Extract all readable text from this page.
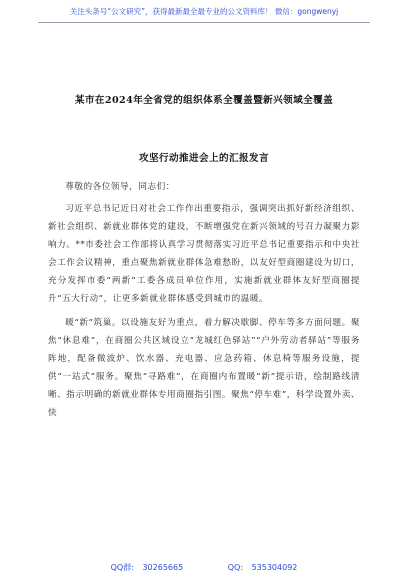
关注头条号“公文研究”，获得最新最全最专业的公文资料库！ 微信：gongwenyj
某市在2024年全省党的组织体系全覆盖暨新兴领域全覆盖
攻坚行动推进会上的汇报发言

尊敬的各位领导，同志们：

习近平总书记近日对社会工作作出重要指示，强调突出抓好新经济组织、新社会组织、新就业群体党的建设，不断增强党在新兴领域的号召力凝聚力影响力。**市委社会工作部将认真学习贯彻落实习近平总书记重要指示和中央社会工作会议精神，重点聚焦新就业群体急难愁盼，以友好型商圈建设为切口，充分发挥市委“两新”工委各成员单位作用，实施新就业群体友好型商圈提升“五大行动”，让更多新就业群体感受到城市的温暖。

暖“新”筑巢。以设施友好为重点，着力解决歇脚、停车等多方面问题。聚焦“休息难”，在商圈公共区域设立“龙城红色驿站”“户外劳动者驿站”等服务阵地，配备微波炉、饮水器、充电器、应急药箱、休息椅等服务设施，提供“一站式”服务。聚焦“寻路难”，在商圈内布置暖“新”提示语，绘制路线清晰、指示明确的新就业群体专用商圈指引图。聚焦“停车难”，科学设置外卖、快

QQ群: 30265665	QQ: 535304092
